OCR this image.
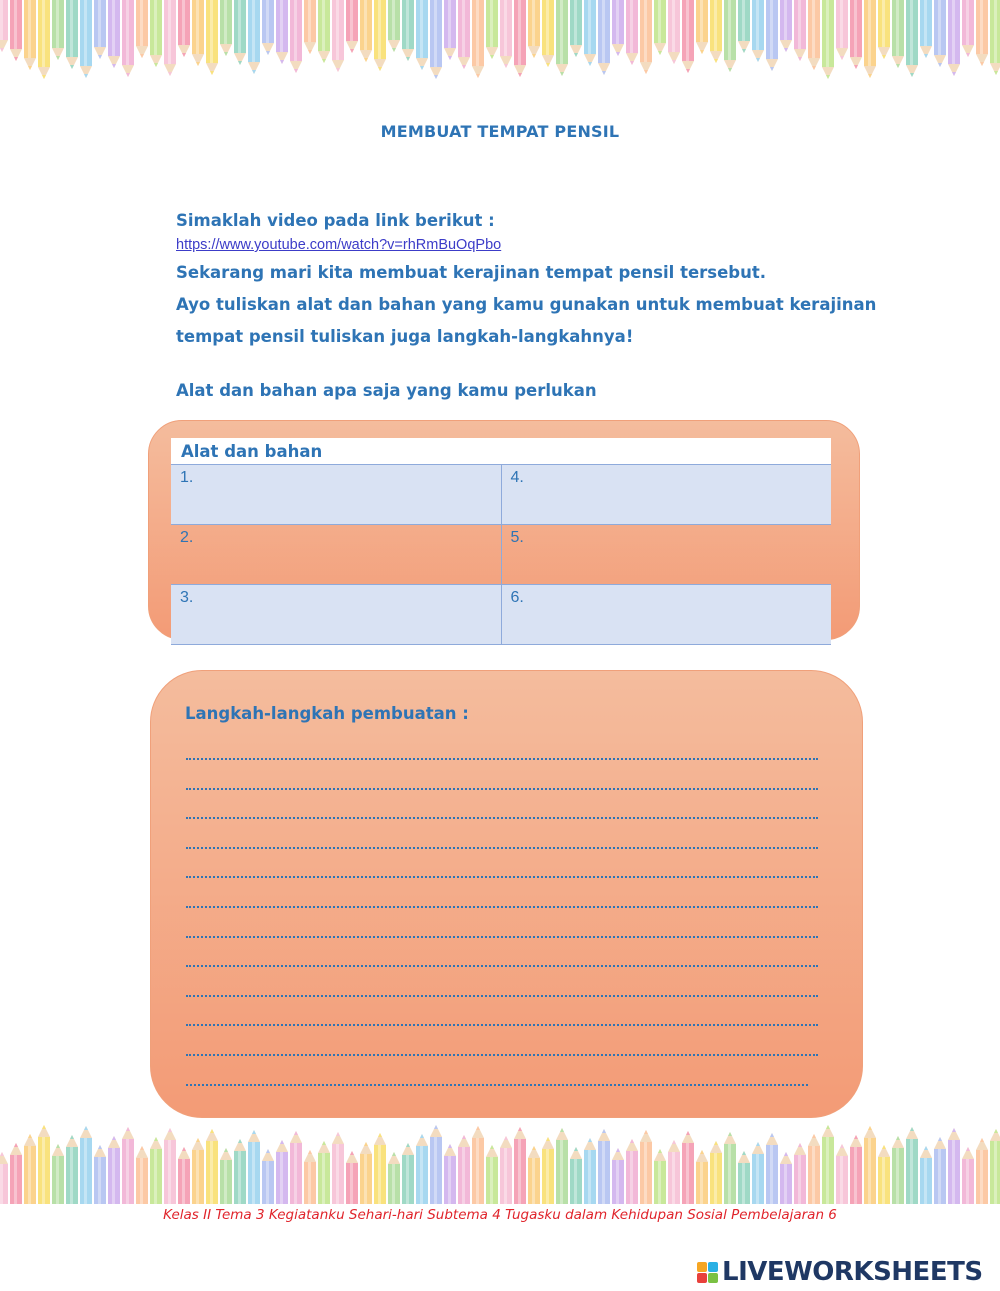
MEMBUAT TEMPAT PENSIL
Simaklah video pada link berikut :
https://www.youtube.com/watch?v=rhRmBuOqPbo
Sekarang mari kita membuat kerajinan tempat pensil tersebut.
Ayo tuliskan alat dan bahan yang kamu gunakan untuk membuat kerajinan
tempat pensil tuliskan juga langkah-langkahnya!
Alat dan bahan apa saja yang kamu perlukan
Alat dan bahan	
1.	4.
2.	5.
3.	6.
Langkah-langkah pembuatan :
Kelas II Tema 3 Kegiatanku Sehari-hari Subtema 4 Tugasku dalam Kehidupan Sosial Pembelajaran 6
LIVEWORKSHEETS
